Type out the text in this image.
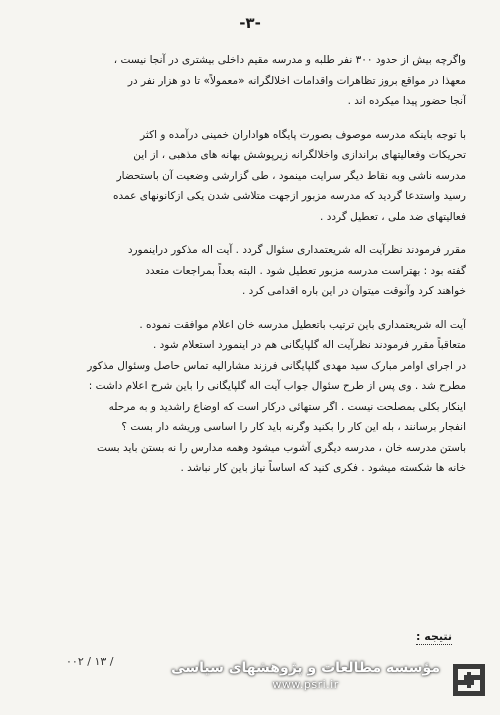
-۳-
واگرچه بیش از حدود ۳۰۰ نفر طلبه و مدرسه مقیم داخلی بیشتری در آنجا نیست ،
معهذا در مواقع بروز تظاهرات واقدامات اخلالگرانه «معمولاً» تا دو هزار نفر در
آنجا حضور پیدا میکرده اند .
با توجه باینکه مدرسه موصوف بصورت پایگاه هواداران خمینی درآمده و اکثر
تحریکات وفعالیتهای براندازی واخلالگرانه زیرپوشش بهانه های مذهبی ، از این
مدرسه ناشی وبه نقاط دیگر سرایت مینمود ، طی گزارشی وضعیت آن باستحضار
رسید واستدعا گردید که مدرسه مزبور ازجهت متلاشی شدن یکی ازکانونهای عمده
فعالیتهای ضد ملی ، تعطیل گردد .
مقرر فرمودند نظرآیت اله شریعتمداری سئوال گردد . آیت اله مذکور دراینمورد
گفته بود : بهتراست مدرسه مزبور تعطیل شود . البته بعداً بمراجعات متعدد
خواهند کرد وآنوقت میتوان در این باره اقدامی کرد .
آیت اله شریعتمداری باین ترتیب باتعطیل مدرسه خان اعلام موافقت نموده .
متعاقباً مقرر فرمودند نظرآیت اله گلپایگانی هم در اینمورد استعلام شود .
در اجرای اوامر مبارک سید مهدی گلپایگانی فرزند مشارالیه تماس حاصل وسئوال مذکور
مطرح شد . وی پس از طرح سئوال جواب آیت اله گلپایگانی را باین شرح اعلام داشت :
اینکار بکلی بمصلحت نیست . اگر ستهائی درکار است که اوضاع راشدید و به مرحله
انفجار برسانند ، بله این کار را بکنید وگرنه باید کار را اساسی وریشه دار بست ؟
باستن مدرسه خان ، مدرسه دیگری آشوب میشود وهمه مدارس را نه بستن باید بست
خانه ها شکسته میشود . فکری کنید که اساساً نیاز باین کار نباشد .
نتیجه :
/ ۱۳ / ۰۰۲	مؤسسه مطالعات و پژوهشهای سیاسی
www.psri.ir
